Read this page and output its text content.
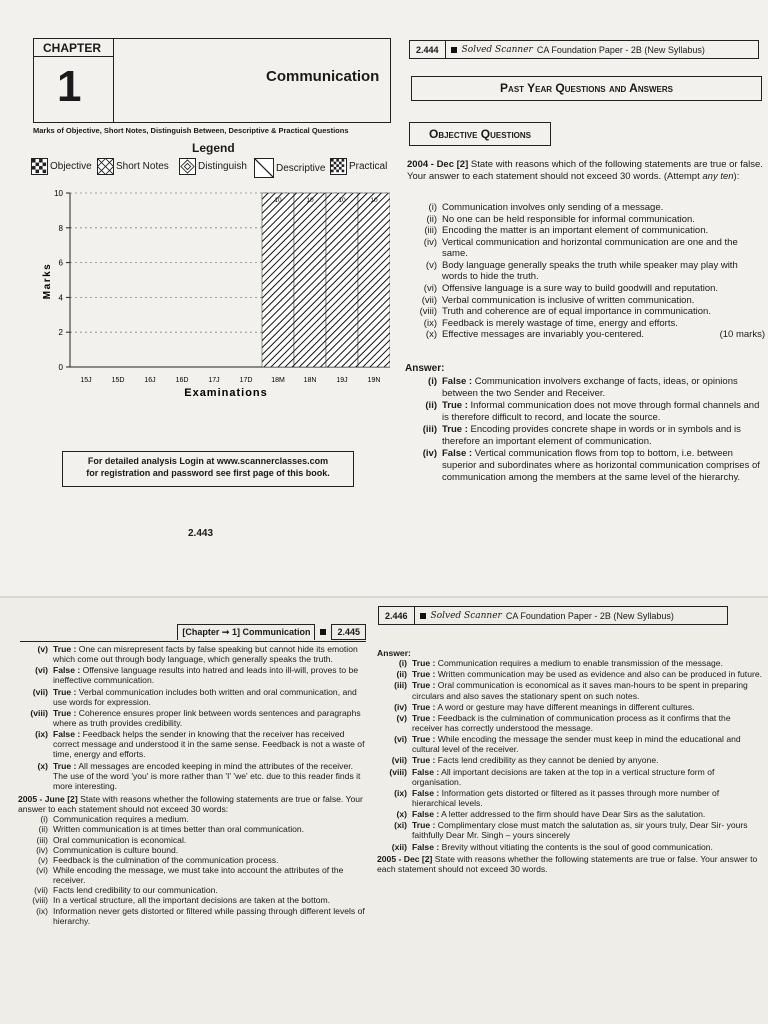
CHAPTER
1	Communication
Marks of Objective, Short Notes, Distinguish Between, Descriptive & Practical Questions
Legend
Objective Short Notes	Distinguish	Descriptive Practical
0
2
4
6
8
10
15J	15D	16J	16D	17J	17D	18M	18N	19J	19N
10	10	10	10
Examinations
Marks
For detailed analysis Login at www.scannerclasses.com
for registration and password see first page of this book.
2.443
2.444	Solved Scanner CA Foundation Paper - 2B (New Syllabus)
Past Year Questions and Answers
Objective Questions
2004 - Dec [2] State with reasons which of the following statements are true or false. Your answer to each statement should not exceed 30 words. (Attempt any ten):
(i) Communication involves only sending of a message.
(ii) No one can be held responsible for informal communication.
(iii) Encoding the matter is an important element of communication.
(iv) Vertical communication and horizontal communication are one and the same.
(v) Body language generally speaks the truth while speaker may play with words to hide the truth.
(vi) Offensive language is a sure way to build goodwill and reputation.
(vii) Verbal communication is inclusive of written communication.
(viii) Truth and coherence are of equal importance in communication.
(ix) Feedback is merely wastage of time, energy and efforts.
(x) Effective messages are invariably you-centered.	(10 marks)
Answer:
(i) False : Communication involvers exchange of facts, ideas, or opinions between the two Sender and Receiver.
(ii) True : Informal communication does not move through formal channels and is therefore difficult to record, and locate the source.
(iii) True : Encoding provides concrete shape in words or in symbols and is therefore an important element of communication.
(iv) False : Vertical communication flows from top to bottom, i.e. between superior and subordinates where as horizontal communication comprises of communication among the members at the same level of the hierarchy.
[Chapter ➞ 1] Communication	2.445
2.446	Solved Scanner CA Foundation Paper - 2B (New Syllabus)
(v) True : One can misrepresent facts by false speaking but cannot hide its emotion which come out through body language, which generally speaks the truth.
(vi) False : Offensive language results into hatred and leads into ill-will, proves to be ineffective communication.
(vii) True : Verbal communication includes both written and oral communication, and use words for expression.
(viii) True : Coherence ensures proper link between words sentences and paragraphs where as truth provides credibility.
(ix) False : Feedback helps the sender in knowing that the receiver has received correct message and understood it in the same sense. Feedback is not a waste of time, energy and efforts.
(x) True : All messages are encoded keeping in mind the attributes of the receiver. The use of the word 'you' is more rather than 'I' 'we' etc. due to this reader finds it more interesting.

2005 - June [2] State with reasons whether the following statements are true or false. Your answer to each statement should not exceed 30 words:

(i) Communication requires a medium.
(ii) Written communication is at times better than oral communication.
(iii) Oral communication is economical.
(iv) Communication is culture bound.
(v) Feedback is the culmination of the communication process.
(vi) While encoding the message, we must take into account the attributes of the receiver.
(vii) Facts lend credibility to our communication.
(viii) In a vertical structure, all the important decisions are taken at the bottom.
(ix) Information never gets distorted or filtered while passing through different levels of hierarchy.

Answer:

(i) True : Communication requires a medium to enable transmission of the message.
(ii) True : Written communication may be used as evidence and also can be produced in future.
(iii) True : Oral communication is economical as it saves man-hours to be spent in preparing circulars and also saves the stationary spent on such notes.
(iv) True : A word or gesture may have different meanings in different cultures.
(v) True : Feedback is the culmination of communication process as it confirms that the receiver has correctly understood the message.
(vi) True : While encoding the message the sender must keep in mind the educational and cultural level of the receiver.
(vii) True : Facts lend credibility as they cannot be denied by anyone.
(viii) False : All important decisions are taken at the top in a vertical structure form of organisation.
(ix) False : Information gets distorted or filtered as it passes through more number of hierarchical levels.
(x) False : A letter addressed to the firm should have Dear Sirs as the salutation.
(xi) True : Complimentary close must match the salutation as, sir yours truly, Dear Sir- yours faithfully Dear Mr. Singh – yours sincerely
(xii) False : Brevity without vitiating the contents is the soul of good communication.

2005 - Dec [2] State with reasons whether the following statements are true or false. Your answer to each statement should not exceed 30 words.
